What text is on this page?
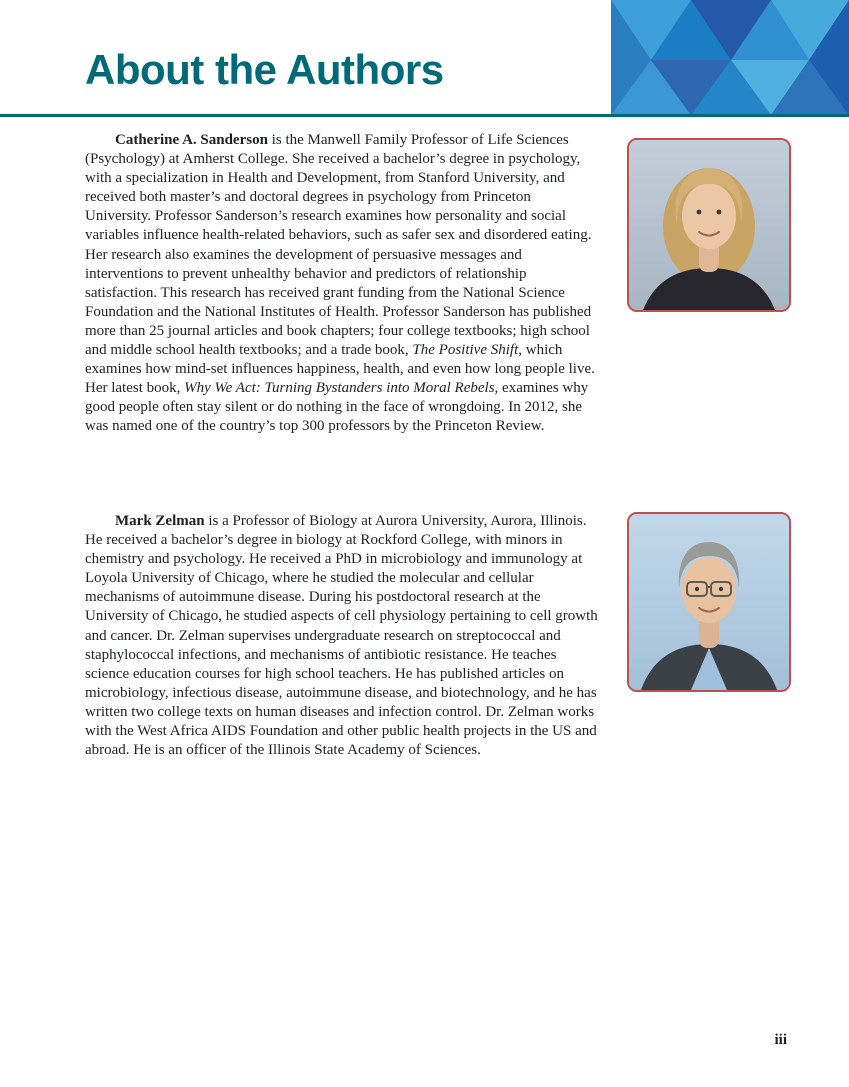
About the Authors

Catherine A. Sanderson is the Manwell Family Professor of Life Sciences (Psychology) at Amherst College. She received a bachelor’s degree in psychology, with a specialization in Health and Development, from Stanford University, and received both master’s and doctoral degrees in psychology from Princeton University. Professor Sanderson’s research examines how personality and social variables influence health-related behaviors, such as safer sex and disordered eating. Her research also examines the development of persuasive messages and interventions to prevent unhealthy behavior and predictors of relationship satisfaction. This research has received grant funding from the National Science Foundation and the National Institutes of Health. Professor Sanderson has published more than 25 journal articles and book chapters; four college textbooks; high school and middle school health textbooks; and a trade book, The Positive Shift, which examines how mind-set influences happiness, health, and even how long people live. Her latest book, Why We Act: Turning Bystanders into Moral Rebels, examines why good people often stay silent or do nothing in the face of wrongdoing. In 2012, she was named one of the country’s top 300 professors by the Princeton Review.

Mark Zelman is a Professor of Biology at Aurora University, Aurora, Illinois. He received a bachelor’s degree in biology at Rockford College, with minors in chemistry and psychology. He received a PhD in microbiology and immunology at Loyola University of Chicago, where he studied the molecular and cellular mechanisms of autoimmune disease. During his postdoctoral research at the University of Chicago, he studied aspects of cell physiology pertaining to cell growth and cancer. Dr. Zelman supervises undergraduate research on streptococcal and staphylococcal infections, and mechanisms of antibiotic resistance. He teaches science education courses for high school teachers. He has published articles on microbiology, infectious disease, autoimmune disease, and biotechnology, and he has written two college texts on human diseases and infection control. Dr. Zelman works with the West Africa AIDS Foundation and other public health projects in the US and abroad. He is an officer of the Illinois State Academy of Sciences.

iii
